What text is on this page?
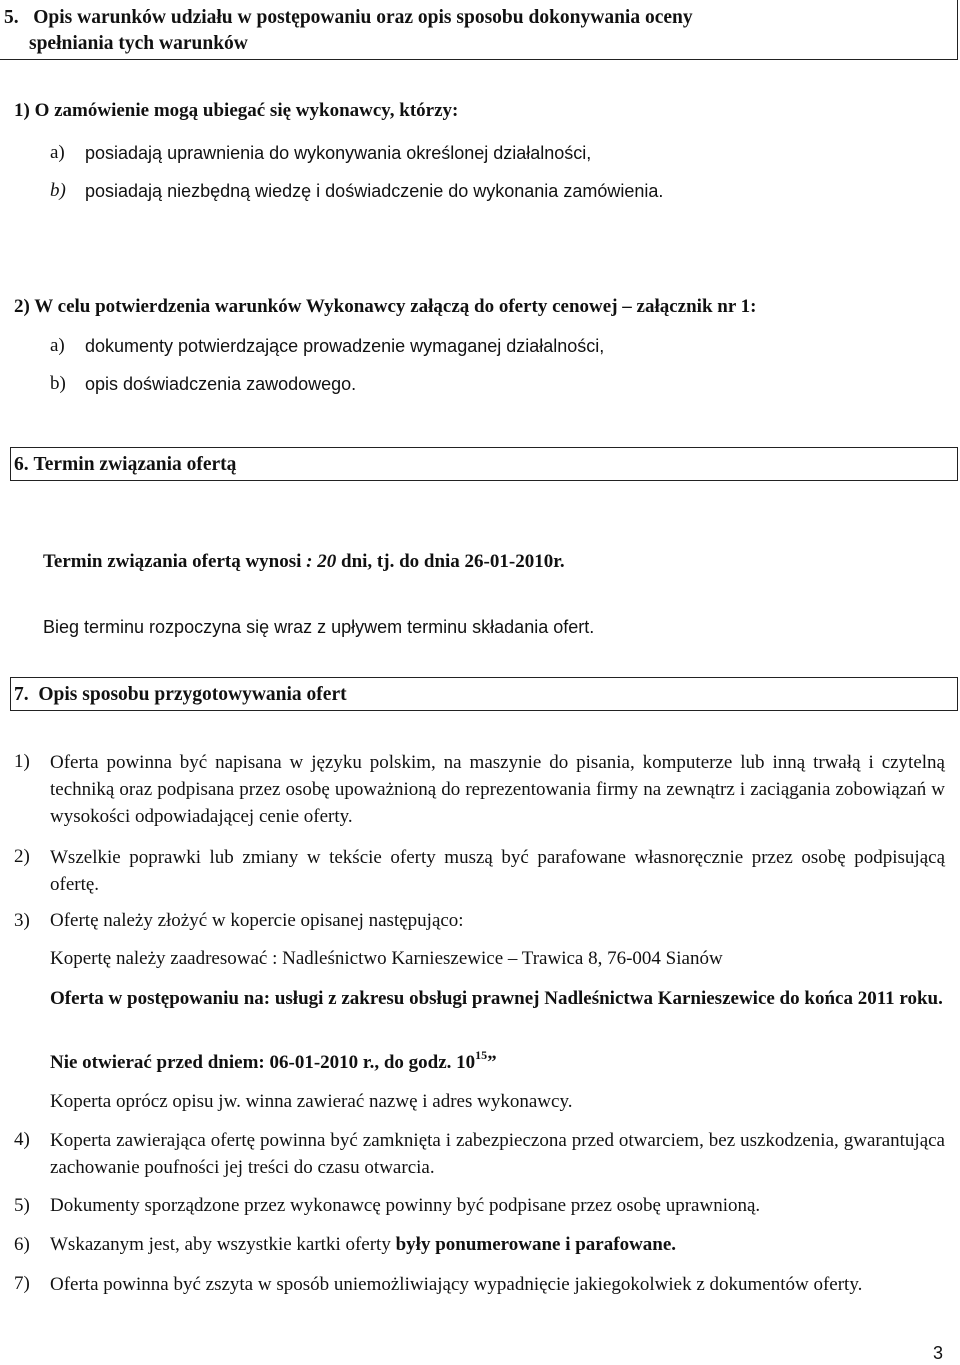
5. Opis warunków udziału w postępowaniu oraz opis sposobu dokonywania oceny
spełniania tych warunków
1) O zamówienie mogą ubiegać się wykonawcy, którzy:
a) posiadają uprawnienia do wykonywania określonej działalności,
b) posiadają niezbędną wiedzę i doświadczenie do wykonania zamówienia.
2) W celu potwierdzenia warunków Wykonawcy załączą do oferty cenowej – załącznik nr 1:
a) dokumenty potwierdzające prowadzenie wymaganej działalności,
b) opis doświadczenia zawodowego.
6. Termin związania ofertą
Termin związania ofertą wynosi : 20 dni, tj. do dnia 26-01-2010r.
Bieg terminu rozpoczyna się wraz z upływem terminu składania ofert.
7. Opis sposobu przygotowywania ofert
1) Oferta powinna być napisana w języku polskim, na maszynie do pisania, komputerze lub inną trwałą i czytelną techniką oraz podpisana przez osobę upoważnioną do reprezentowania firmy na zewnątrz i zaciągania zobowiązań w wysokości odpowiadającej cenie oferty.
2) Wszelkie poprawki lub zmiany w tekście oferty muszą być parafowane własnoręcznie przez osobę podpisującą ofertę.
3) Ofertę należy złożyć w kopercie opisanej następująco:
Kopertę należy zaadresować : Nadleśnictwo Karnieszewice – Trawica 8, 76-004 Sianów
Oferta w postępowaniu na: usługi z zakresu obsługi prawnej Nadleśnictwa Karnieszewice do końca 2011 roku.
Nie otwierać przed dniem: 06-01-2010 r., do godz. $10^{15}$”
Koperta oprócz opisu jw. winna zawierać nazwę i adres wykonawcy.
4) Koperta zawierająca ofertę powinna być zamknięta i zabezpieczona przed otwarciem, bez uszkodzenia, gwarantująca zachowanie poufności jej treści do czasu otwarcia.
5) Dokumenty sporządzone przez wykonawcę powinny być podpisane przez osobę uprawnioną.
6) Wskazanym jest, aby wszystkie kartki oferty były ponumerowane i parafowane.
7) Oferta powinna być zszyta w sposób uniemożliwiający wypadnięcie jakiegokolwiek z dokumentów oferty.
3
